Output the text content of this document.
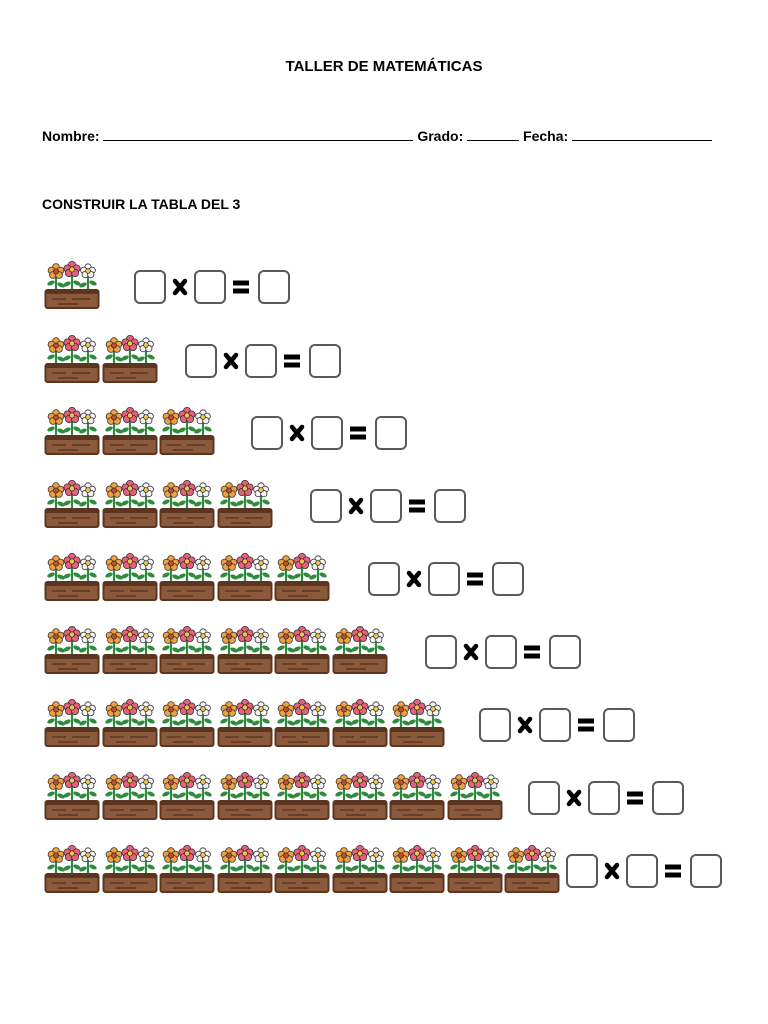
TALLER DE MATEMÁTICAS
Nombre:	Grado:	Fecha:
CONSTRUIR LA TABLA DEL 3
